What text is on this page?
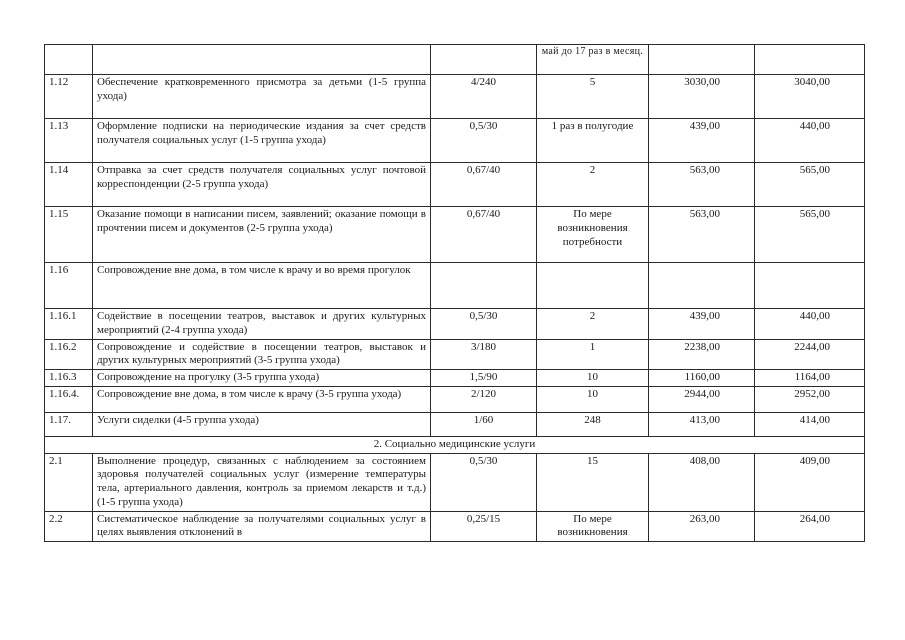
			май до 17 раз в месяц.		
1.12	Обеспечение кратковременного присмотра за детьми (1-5 группа ухода)	4/240	5	3030,00	3040,00
1.13	Оформление подписки на периодические издания за счет средств получателя социальных услуг (1-5 группа ухода)	0,5/30	1 раз в полугодие	439,00	440,00
1.14	Отправка за счет средств получателя социальных услуг почтовой корреспонденции (2-5 группа ухода)	0,67/40	2	563,00	565,00
1.15	Оказание помощи в написании писем, заявлений; оказание помощи в прочтении писем и документов (2-5 группа ухода)	0,67/40	По мере возникновения потребности	563,00	565,00
1.16	Сопровождение вне дома, в том числе к врачу и во время прогулок				
1.16.1	Содействие в посещении театров, выставок и других культурных мероприятий (2-4 группа ухода)	0,5/30	2	439,00	440,00
1.16.2	Сопровождение и содействие в посещении театров, выставок и других культурных мероприятий (3-5 группа ухода)	3/180	1	2238,00	2244,00
1.16.3	Сопровождение на прогулку (3-5 группа ухода)	1,5/90	10	1160,00	1164,00
1.16.4.	Сопровождение вне дома, в том числе к врачу (3-5 группа ухода)	2/120	10	2944,00	2952,00
1.17.	Услуги сиделки (4-5 группа ухода)	1/60	248	413,00	414,00
2. Социально медицинские услуги					
2.1	Выполнение процедур, связанных с наблюдением за состоянием здоровья получателей социальных услуг (измерение температуры тела, артериального давления, контроль за приемом лекарств и т.д.) (1-5 группа ухода)	0,5/30	15	408,00	409,00
2.2	Систематическое наблюдение за получателями социальных услуг в целях выявления отклонений в	0,25/15	По мере возникновения	263,00	264,00
